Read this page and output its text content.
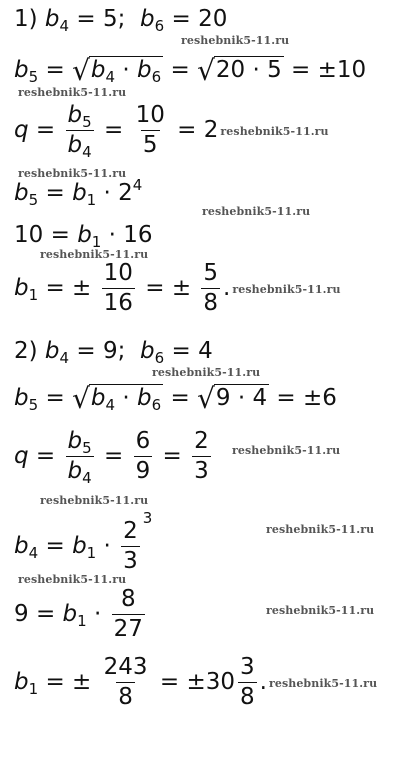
1) $b_4 = 5$;  $b_6 = 20$
reshebnik5-11.ru
$b_5 = √b_4 \cdot b_6 = √20 \cdot 5 = \pm 10$
reshebnik5-11.ru
$q = \frac{b_5}{b_4} = \frac{10}{5} = 2$ reshebnik5-11.ru
reshebnik5-11.ru
$b_5 = b_1 \cdot 2^4$
reshebnik5-11.ru
$10 = b_1 \cdot 16$
reshebnik5-11.ru
$b_1$ = ± $\frac{10}{16}$ = ± $\frac{5}{8}$ . reshebnik5-11.ru
2) $b_4 = 9$;  $b_6 = 4$
reshebnik5-11.ru
$b_5 = √b_4 \cdot b_6 = √9 \cdot 4 = \pm 6$
$q = \frac{b_5}{b_4} = \frac{6}{9} = \frac{2}{3}$ reshebnik5-11.ru
reshebnik5-11.ru
$b_4 = b_1 \cdot \frac{2}{3}$
$^3$
reshebnik5-11.ru
reshebnik5-11.ru
$9 = b_1 \cdot \frac{8}{27}$	reshebnik5-11.ru
$b_1$ = ± $\frac{243}{8} = \pm 30 \frac{3}{8}$ . reshebnik5-11.ru
